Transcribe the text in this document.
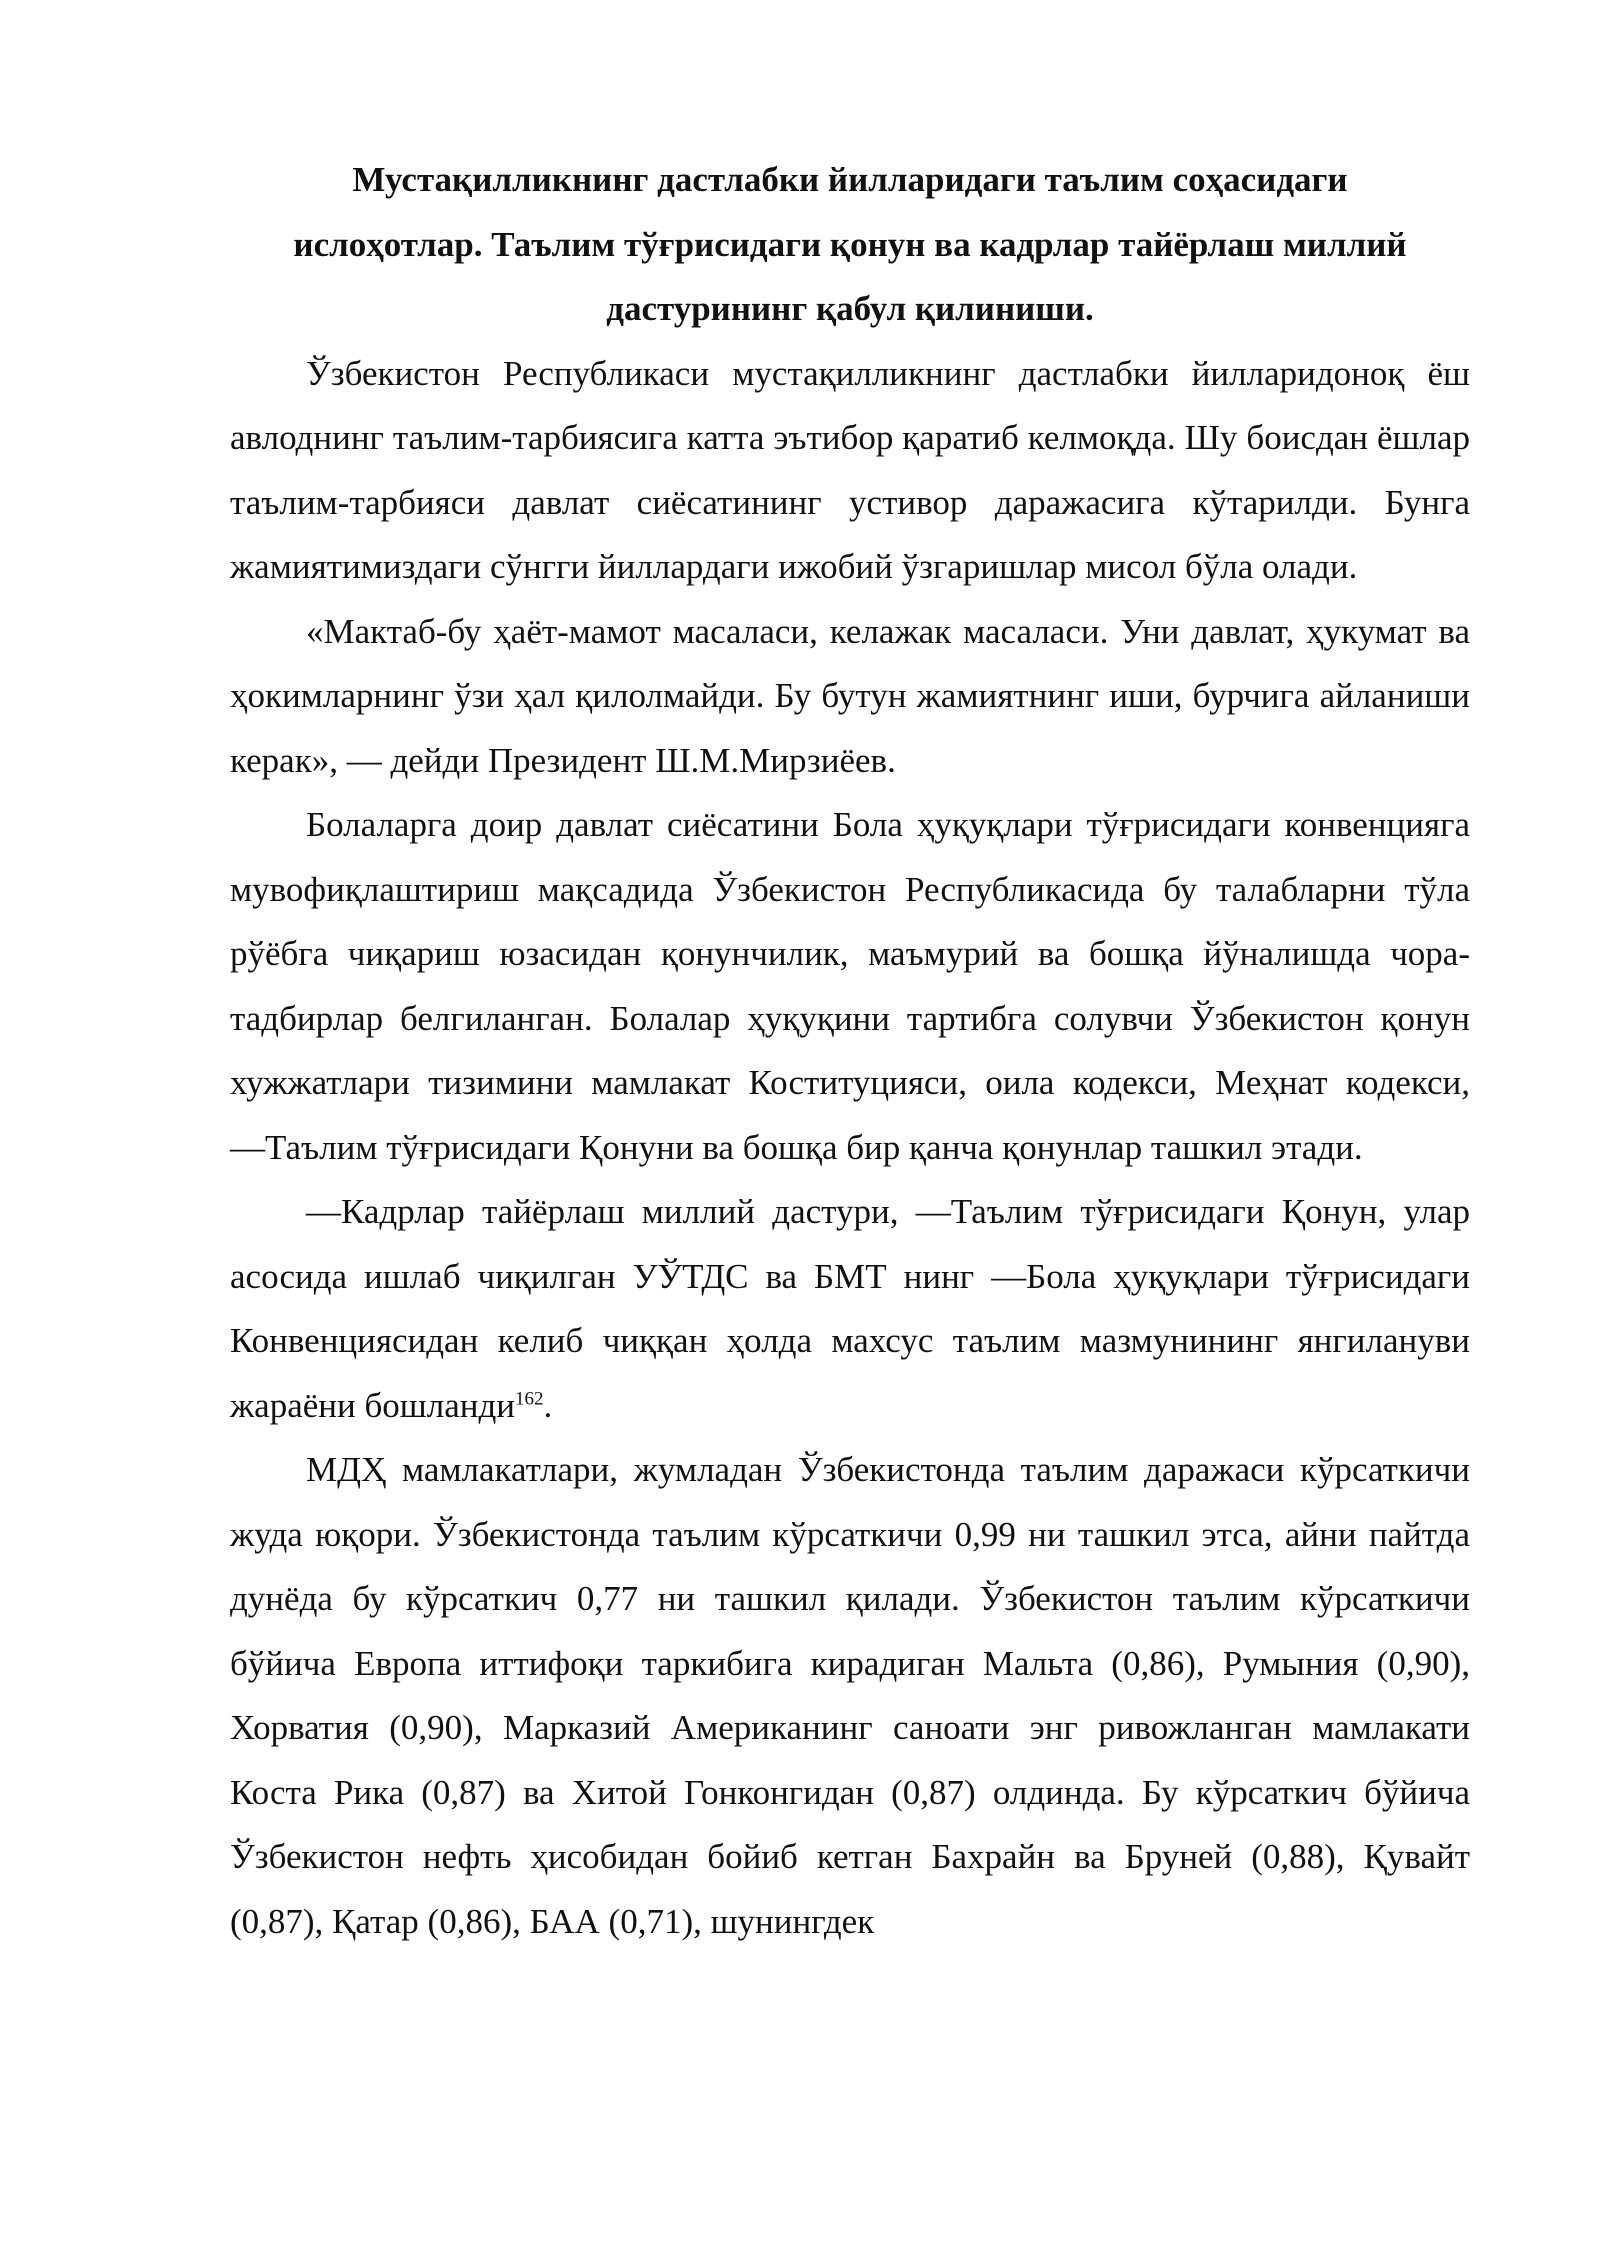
Мустақилликнинг дастлабки йилларидаги таълим соҳасидаги
ислоҳотлар. Таълим тўғрисидаги қонун ва кадрлар тайёрлаш миллий
дастурининг қабул қилиниши.

Ўзбекистон Республикаси мустақилликнинг дастлабки йилларидоноқ ёш авлоднинг таълим-тарбиясига катта эътибор қаратиб келмоқда. Шу боисдан ёшлар таълим-тарбияси давлат сиёсатининг устивор даражасига кўтарилди. Бунга жамиятимиздаги сўнгги йиллардаги ижобий ўзгаришлар мисол бўла олади.

«Мактаб-бу ҳаёт-мамот масаласи, келажак масаласи. Уни давлат, ҳукумат ва ҳокимларнинг ўзи ҳал қилолмайди. Бу бутун жамиятнинг иши, бурчига айланиши керак», — дейди Президент Ш.М.Мирзиёев.

Болаларга доир давлат сиёсатини Бола ҳуқуқлари тўғрисидаги конвенцияга мувофиқлаштириш мақсадида Ўзбекистон Республикасида бу талабларни тўла рўёбга чиқариш юзасидан қонунчилик, маъмурий ва бошқа йўналишда чора-тадбирлар белгиланган. Болалар ҳуқуқини тартибга солувчи Ўзбекистон қонун хужжатлари тизимини мамлакат Коституцияси, оила кодекси, Меҳнат кодекси, ―Таълим тўғрисидаги Қонуни ва бошқа бир қанча қонунлар ташкил этади.

―Кадрлар тайёрлаш миллий дастури, ―Таълим тўғрисидаги Қонун, улар асосида ишлаб чиқилган УЎТДС ва БМТ нинг ―Бола ҳуқуқлари тўғрисидаги Конвенциясидан келиб чиққан ҳолда махсус таълим мазмунининг янгилануви жараёни бошланди$^{162}$.

МДҲ мамлакатлари, жумладан Ўзбекистонда таълим даражаси кўрсаткичи жуда юқори. Ўзбекистонда таълим кўрсаткичи 0,99 ни ташкил этса, айни пайтда дунёда бу кўрсаткич 0,77 ни ташкил қилади. Ўзбекистон таълим кўрсаткичи бўйича Европа иттифоқи таркибига кирадиган Мальта (0,86), Румыния (0,90), Хорватия (0,90), Марказий Американинг саноати энг ривожланган мамлакати Коста Рика (0,87) ва Хитой Гонконгидан (0,87) олдинда. Бу кўрсаткич бўйича Ўзбекистон нефть ҳисобидан бойиб кетган Бахрайн ва Бруней (0,88), Қувайт (0,87), Қатар (0,86), БАА (0,71), шунингдек
